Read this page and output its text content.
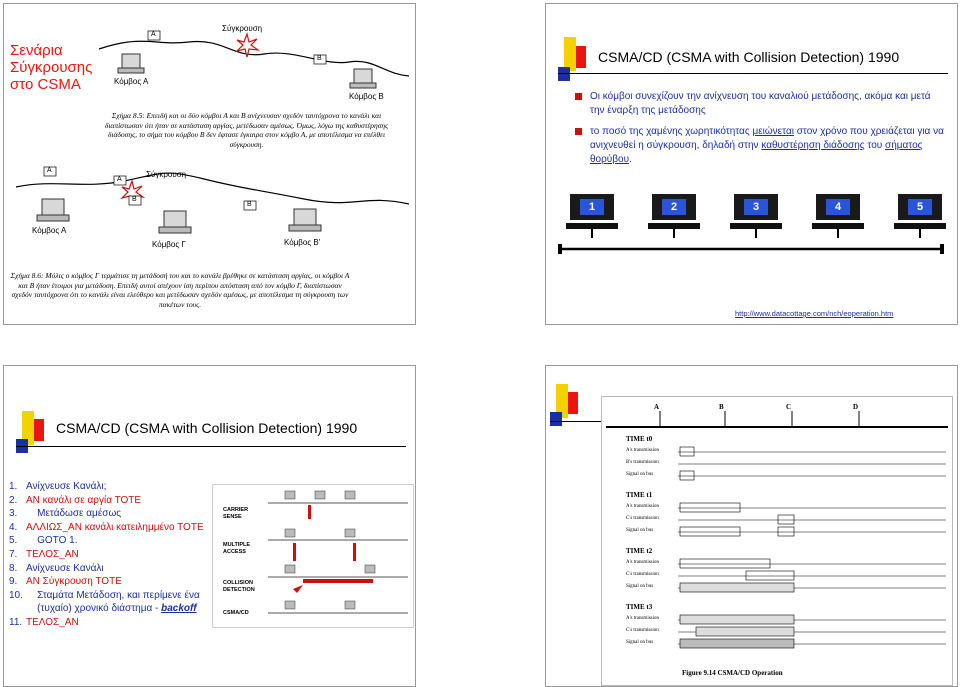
Σενάρια Σύγκρουσης στο CSMA
Σύγκρουση
A
B
Κόμβος Α
Κόμβος Β
Σχήμα 8.5: Επειδή και οι δύο κόμβοι Α και Β ανίχνευσαν σχεδόν ταυτόχρονα το κανάλι και διαπίστωσαν ότι ήταν σε κατάσταση αργίας, μετέδωσαν αμέσως. Όμως, λόγω της καθυστέρησης διάδοσης, το σήμα του κόμβου Β δεν έφτασε έγκαιρα στον κόμβο Α, με αποτέλεσμα να επέλθει σύγκρουση.
Σύγκρουση
A
A
B
B
Κόμβος Α
Κόμβος Γ	Κόμβος Β'
Σχήμα 8.6: Μόλις ο κόμβος Γ τερμάτισε τη μετάδοσή του και το κανάλι βρέθηκε σε κατάσταση αργίας, οι κόμβοι Α και Β ήταν έτοιμοι για μετάδοση. Επειδή αυτοί απέχουν ίση περίπου απόσταση από τον κόμβο Γ, διαπίστωσαν σχεδόν ταυτόχρονα ότι το κανάλι είναι ελεύθερο και μετέδωσαν σχεδόν αμέσως, με αποτέλεσμα τη σύγκρουση των πακέτων τους.
CSMA/CD (CSMA with Collision Detection) 1990
Οι κόμβοι συνεχίζουν την ανίχνευση του καναλιού μετάδοσης, ακόμα και μετά την έναρξη της μετάδοσης
το ποσό της χαμένης χωρητικότητας μειώνεται στον χρόνο που χρειάζεται για να ανιχνευθεί η σύγκρουση, δηλαδή στην καθυστέρηση διάδοσης του σήματος θορύβου.
1	2	3	4	5
http://www.datacottage.com/nch/eoperation.htm
CSMA/CD (CSMA with Collision Detection) 1990
1. Ανίχνευσε Κανάλι;
2. ΑΝ κανάλι σε αργία ΤΟΤΕ
3.    Μετάδωσε αμέσως
4. ΑΛΛΙΩΣ_ΑΝ κανάλι κατειλημμένο ΤΟΤΕ
5.    GOTO 1.
7. ΤΕΛΟΣ_ΑΝ
8. Ανίχνευσε Κανάλι
9. ΑΝ Σύγκρουση ΤΟΤΕ
10.    Σταμάτα Μετάδοση, και περίμενε ένα
(τυχαίο) χρονικό διάστημα - backoff
11. ΤΕΛΟΣ_ΑΝ
CARRIER SENSE
MULTIPLE ACCESS
COLLISION DETECTION
CSMA/CD
A	B	C	D
TIME t0
A's transmission
B's transmission
Signal on bus
TIME t1
A's transmission
C's transmission
Signal on bus
TIME t2
A's transmission
C's transmission
Signal on bus
TIME t3
A's transmission
C's transmission
Signal on bus
Figure 9.14 CSMA/CD Operation
